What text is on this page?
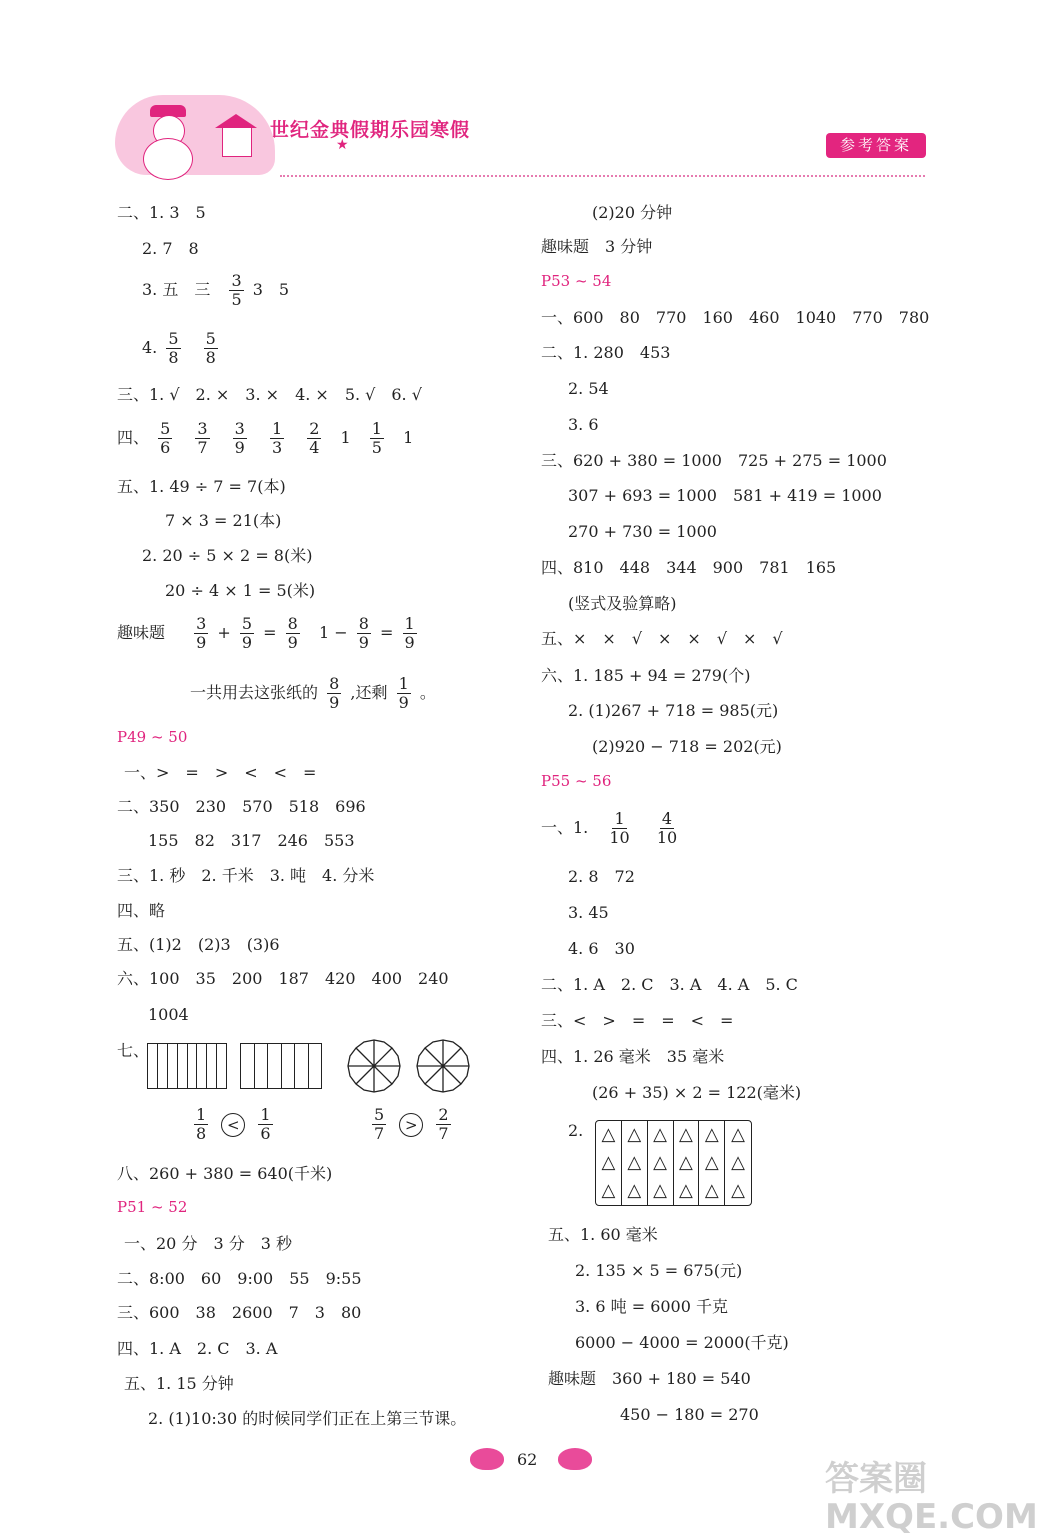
★
世纪金典假期乐园寒假
参考答案
二、1. 3　5
2. 7　8
3. 五　三 $\frac{3}{5} 3$　5
4. $\frac{5}{8}$
$\frac{5}{8}$
三、1. √　2. ×　3. ×　4. ×　5. √　6. √
四、 $\frac{5}{6}$
$\frac{3}{7}$
$\frac{3}{9}$
$\frac{1}{3}$
$\frac{2}{4} 1 \frac{1}{5} 1$
五、1. 49 ÷ 7 = 7(本)
7 × 3 = 21(本)
2. 20 ÷ 5 × 2 = 8(米)
20 ÷ 4 × 1 = 5(米)
趣味题 $\frac{3}{9} + \frac{5}{9} = \frac{8}{9} 1 - \frac{8}{9} = \frac{1}{9}$
一共用去这张纸的 $\frac{8}{9}$ ,还剩 $\frac{1}{9}$ 。
P49 ~ 50
一、>　=　>　<　<　=
二、350　230　570　518　696
155　82　317　246　553
三、1. 秒　2. 千米　3. 吨　4. 分米
四、略
五、(1)2　(2)3　(3)6
六、100　35　200　187　420　400　240
1004
七、
$\frac{1}{8} < \frac{1}{6}$	$\frac{5}{7} > \frac{2}{7}$
八、260 + 380 = 640(千米)
P51 ~ 52
一、20 分　3 分　3 秒
二、8:00　60　9:00　55　9:55
三、600　38　2600　7　3　80
四、1. A　2. C　3. A
五、1. 15 分钟
2. (1)10:30 的时候同学们正在上第三节课。
(2)20 分钟
趣味题　3 分钟
P53 ~ 54
一、600　80　770　160　460　1040　770　780
二、1. 280　453
2. 54
3. 6
三、620 + 380 = 1000　725 + 275 = 1000
307 + 693 = 1000　581 + 419 = 1000
270 + 730 = 1000
四、810　448　344　900　781　165
(竖式及验算略)
五、×　×　√　×　×　√　×　√
六、1. 185 + 94 = 279(个)
2. (1)267 + 718 = 985(元)
(2)920 − 718 = 202(元)
P55 ~ 56
一、1. $\frac{1}{10}$
$\frac{4}{10}$
2. 8　72
3. 45
4. 6　30
二、1. A　2. C　3. A　4. A　5. C
三、<　>　=　=　<　=
四、1. 26 毫米　35 毫米
(26 + 35) × 2 = 122(毫米)
2.	△ △ △ △ △ △
△ △ △ △ △ △
△ △ △ △ △ △
五、1. 60 毫米
2. 135 × 5 = 675(元)
3. 6 吨 = 6000 千克
6000 − 4000 = 2000(千克)
趣味题　360 + 180 = 540
450 − 180 = 270
62	答案圈 MXQE.COM
